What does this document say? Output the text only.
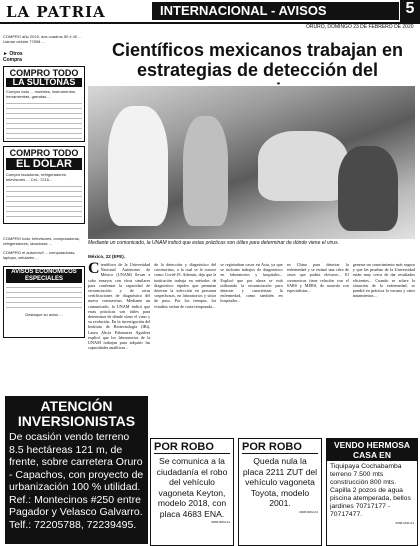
LA PATRIA	INTERNACIONAL - AVISOS	5
ORURO, DOMINGO 23 DE FEBRERO DE 2020
COMPRO año 2019, dos cuadros 50 x 40 ... Llamar celular 77898 ...
► Otros
Compra
COMPRO TODO
LA SULTONAS
Compro todo ... muebles, instrumentos, herramientas, garrafas ...
COMPRO TODO
EL DÓLAR
Compro lavadoras, refrigeradores, televisores ... Cel.: 7215...
COMPRO todo: televisores, computadoras, refrigeradores, lavadoras ...
COMPRO el automóvil ... computadoras, laptops, celulares ...
AVISOS ECONÓMICOS ESPECIALES
Destaque su aviso ...
Científicos mexicanos trabajan en estrategias de detección del
Mediante un comunicado, la UNAM indicó que estas prácticas son útiles para determinar de dónde viene el virus.
México, 22 (EFE).
Científicos de la Universidad Nacional Autónoma de México (UNAM) llevan a cabo ensayos con virus similares para confirmar la capacidad de secuenciación y de otras certificaciones de diagnóstico del nuevo coronavirus. Mediante un comunicado, la UNAM indicó que estas prácticas son útiles para determinar de dónde viene el virus y su evolución. En la investigación del Instituto de Biotecnología (IBt), Laura Alicia Palomares Aguilera explicó que los laboratorios de la UNAM trabajan para adquirir las capacidades analíticas...
de la detección y diagnóstico del coronavirus, a la cual se le conoce como Covid-19. Además, dijo que la institución trabaja en métodos de diagnóstico rápidos que permitan detectar la infección en personas sospechosas, en laboratorios y sitios de paso. Por los tiempos, los estudios serían de corta temporada...
se registraban casos en Asia, ya que se incluían trabajos de diagnóstico en laboratorios y hospitales... Explicó que por ahora se está utilizando la secuenciación para detectar y caracterizar la enfermedad, como también en hospitales...
en China para detectar la enfermedad y se estimó una cifra de casos que podría elevarse... El coronavirus tiene relación con el SARS y MERS, de acuerdo con especialistas...
generar un conocimiento más seguro y que las pruebas de la Universidad están muy cerca de dar resultados eficientes... Cuando se aclare la situación de la enfermedad, se pondrá en práctica la vacuna y otros tratamientos...
ATENCIÓN INVERSIONISTAS

De ocasión vendo terreno 8.5 hectáreas 121 m, de frente, sobre carretera Oruro - Capachos, con proyecto de urbanización 100 % utilidad. Ref.: Montecinos #250 entre Pagador y Velasco Galvarro. Telf.: 72205788, 72239495.

POR ROBO

Se comunica a la ciudadanía el robo del vehículo vagoneta Keyton, modelo 2018, con placa 4683 ENA.

0008-0002-01
POR ROBO

Queda nula la placa 2211 ZUT del vehículo vagoneta Toyota, modelo 2001.

0008-0002-01
VENDO HERMOSA CASA EN

Tiquipaya Cochabamba terreno 7.500 mts construcción 800 mts. Capilla 2 pozos de agua piscina atemperada, bellos jardines 70717177 - 70717477.

0008-0011-01
